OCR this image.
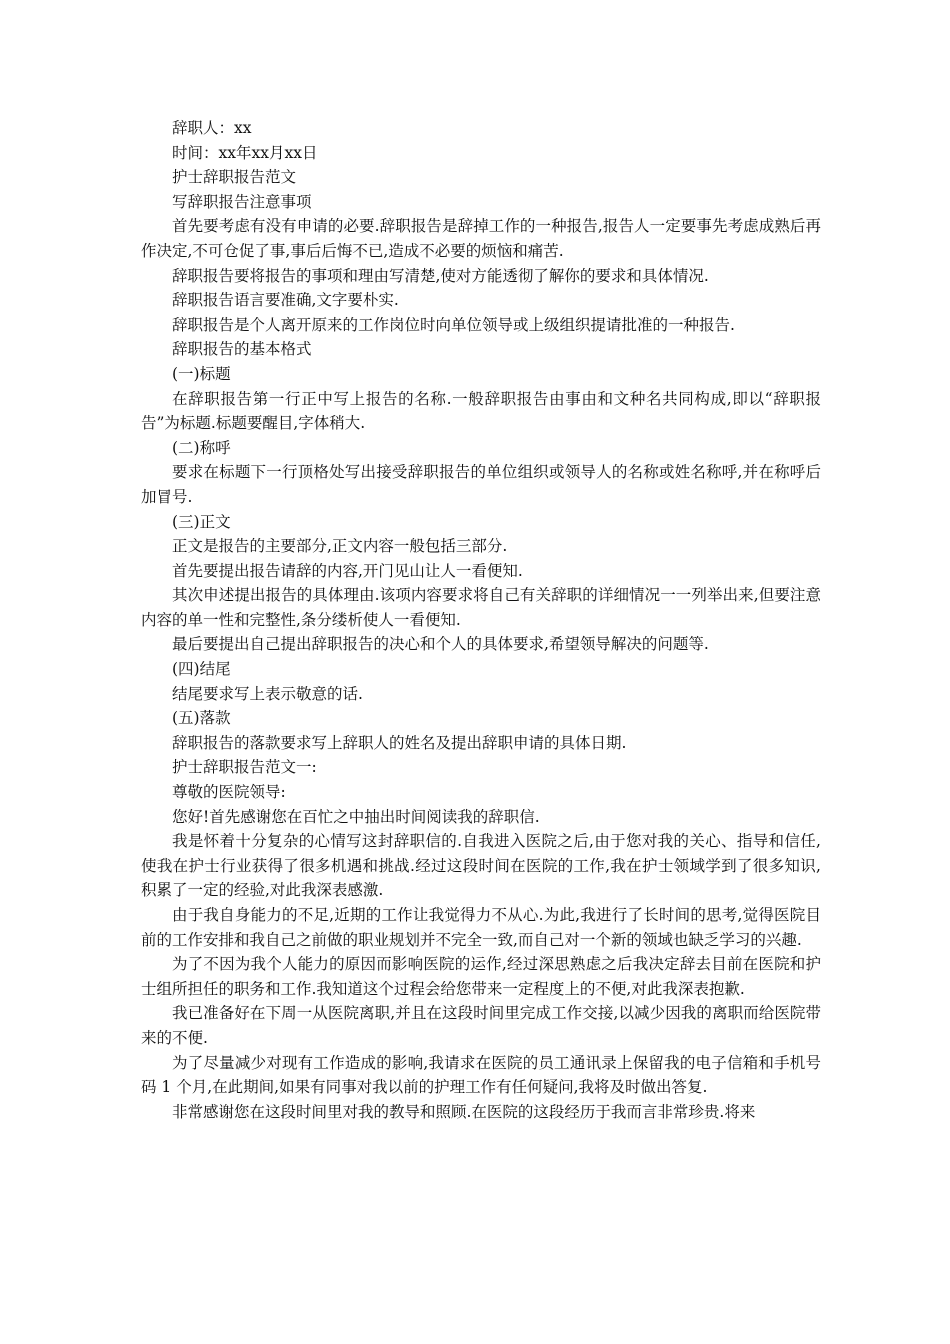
辞职人：xx

时间：xx年xx月xx日

护士辞职报告范文

写辞职报告注意事项

首先要考虑有没有申请的必要.辞职报告是辞掉工作的一种报告,报告人一定要事先考虑成熟后再作决定,不可仓促了事,事后后悔不已,造成不必要的烦恼和痛苦.

辞职报告要将报告的事项和理由写清楚,使对方能透彻了解你的要求和具体情况.

辞职报告语言要准确,文字要朴实.

辞职报告是个人离开原来的工作岗位时向单位领导或上级组织提请批准的一种报告.

辞职报告的基本格式

(一)标题

在辞职报告第一行正中写上报告的名称.一般辞职报告由事由和文种名共同构成,即以“辞职报告”为标题.标题要醒目,字体稍大.

(二)称呼

要求在标题下一行顶格处写出接受辞职报告的单位组织或领导人的名称或姓名称呼,并在称呼后加冒号.

(三)正文

正文是报告的主要部分,正文内容一般包括三部分.

首先要提出报告请辞的内容,开门见山让人一看便知.

其次申述提出报告的具体理由.该项内容要求将自己有关辞职的详细情况一一列举出来,但要注意内容的单一性和完整性,条分缕析使人一看便知.

最后要提出自己提出辞职报告的决心和个人的具体要求,希望领导解决的问题等.

(四)结尾

结尾要求写上表示敬意的话.

(五)落款

辞职报告的落款要求写上辞职人的姓名及提出辞职申请的具体日期.

护士辞职报告范文一:

尊敬的医院领导:

您好!首先感谢您在百忙之中抽出时间阅读我的辞职信.

我是怀着十分复杂的心情写这封辞职信的.自我进入医院之后,由于您对我的关心、指导和信任,使我在护士行业获得了很多机遇和挑战.经过这段时间在医院的工作,我在护士领域学到了很多知识,积累了一定的经验,对此我深表感激.

由于我自身能力的不足,近期的工作让我觉得力不从心.为此,我进行了长时间的思考,觉得医院目前的工作安排和我自己之前做的职业规划并不完全一致,而自己对一个新的领域也缺乏学习的兴趣.

为了不因为我个人能力的原因而影响医院的运作,经过深思熟虑之后我决定辞去目前在医院和护士组所担任的职务和工作.我知道这个过程会给您带来一定程度上的不便,对此我深表抱歉.

我已准备好在下周一从医院离职,并且在这段时间里完成工作交接,以减少因我的离职而给医院带来的不便.

为了尽量减少对现有工作造成的影响,我请求在医院的员工通讯录上保留我的电子信箱和手机号码 1 个月,在此期间,如果有同事对我以前的护理工作有任何疑问,我将及时做出答复.

非常感谢您在这段时间里对我的教导和照顾.在医院的这段经历于我而言非常珍贵.将来
